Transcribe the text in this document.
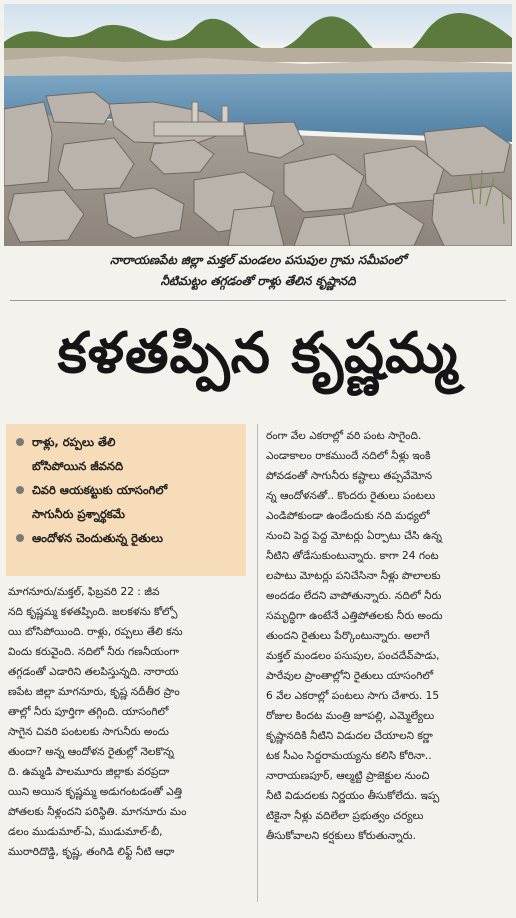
నారాయణపేట జిల్లా మక్తల్ మండలం పసుపుల గ్రామ సమీపంలో
నీటిమట్టం తగ్గడంతో రాళ్లు తేలిన కృష్ణానది
కళతప్పిన కృష్ణమ్మ
రాళ్లు, రప్పలు తేలి
బోసిపోయిన జీవనది
చివరి ఆయకట్టుకు యాసంగిలో
సాగునీరు ప్రశ్నార్థకమే
ఆందోళన చెందుతున్న రైతులు
మాగనూరు/మక్తల్, ఫిబ్రవరి 22 : జీవ
నది కృష్ణమ్మ కళతప్పింది. జలకళను కోల్పో
యి బోసిపోయింది. రాళ్లు, రప్పలు తేలి కను
విందు కరువైంది. నదిలో నీరు గణనీయంగా
తగ్గడంతో ఎడారిని తలపిస్తున్నది. నారాయ
ణపేట జిల్లా మాగనూరు, కృష్ణ నదీతీర ప్రాం
తాల్లో నీరు పూర్తిగా తగ్గింది. యాసంగిలో
సాగైన చివరి పంటలకు సాగునీరు అందు
తుందా? అన్న ఆందోళన రైతుల్లో నెలకొన్న
ది. ఉమ్మడి పాలమూరు జిల్లాకు వరప్రదా
యిని అయిన కృష్ణమ్మ అడుగంటడంతో ఎత్తి
పోతలకు నీళ్లందని పరిస్థితి. మాగనూరు మం
డలం ముడుమాల్-ఏ, ముడుమాల్-బీ,
మురారిదొడ్డి, కృష్ణ, తంగిడి లిఫ్ట్ నీటి ఆధా
రంగా వేల ఎకరాల్లో వరి పంట సాగైంది.
ఎండాకాలం రాకముందే నదిలో నీళ్లు ఇంకి
పోవడంతో సాగునీరు కష్టాలు తప్పవేమోన
న్న ఆందోళనతో.. కొందరు రైతులు పంటలు
ఎండిపోకుండా ఉండేందుకు నది మధ్యలో
నుంచి పెద్ద పెద్ద మోటర్లు ఏర్పాటు చేసి ఉన్న
నీటిని తోడేసుకుంటున్నారు. కాగా 24 గంట
లపాటు మోటర్లు పనిచేసినా నీళ్లు పొలాలకు
అందడం లేదని వాపోతున్నారు. నదిలో నీరు
సమృద్ధిగా ఉంటేనే ఎత్తిపోతలకు నీరు అందు
తుందని రైతులు పేర్కొంటున్నారు. అలాగే
మక్తల్ మండలం పసుపుల, పంచదేవ్‌పాడు,
పారేవుల ప్రాంతాల్లోని రైతులు యాసంగిలో
6 వేల ఎకరాల్లో పంటలు సాగు చేశారు. 15
రోజుల కిందట మంత్రి జూపల్లి, ఎమ్మెల్యేలు
కృష్ణానదికి నీటిని విడుదల చేయాలని కర్ణా
టక సీఎం సిద్దరామయ్యను కలిసి కోరినా..
నారాయణపూర్, ఆల్మట్టి ప్రాజెక్టుల నుంచి
నీటి విడుదలకు నిర్ణయం తీసుకోలేదు. ఇప్ప
టికైనా నీళ్లు వదిలేలా ప్రభుత్వం చర్యలు
తీసుకోవాలని కర్షకులు కోరుతున్నారు.
